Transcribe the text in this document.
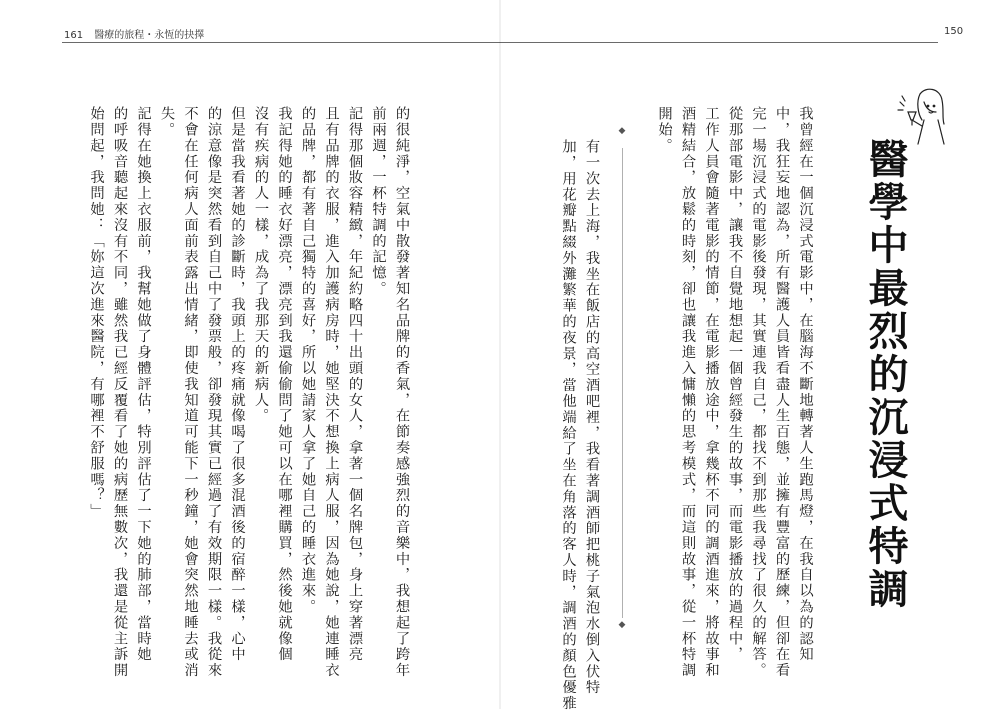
161 醫療的旅程・永恆的抉擇	150
醫學中最烈的沉浸式特調

我曾經在一個沉浸式電影中，在腦海不斷地轉著人生跑馬燈，在我自以為的認知

中，我狂妄地認為，所有醫護人員皆看盡人生百態，並擁有豐富的歷練，但卻在看

完一場沉浸式的電影後發現，其實連我自己，都找不到那些我尋找了很久的解答。

從那部電影中，讓我不自覺地想起一個曾經發生的故事，而電影播放的過程中，

工作人員會隨著電影的情節，在電影播放途中，拿幾杯不同的調酒進來，將故事和

酒精結合，放鬆的時刻，卻也讓我進入慵懶的思考模式，而這則故事，從一杯特調

開始。

◆
◆

有一次去上海，我坐在飯店的高空酒吧裡，我看著調酒師把桃子氣泡水倒入伏特

加，用花瓣點綴外灘繁華的夜景，當他端給了坐在角落的客人時，調酒的顏色優雅

的很純淨，空氣中散發著知名品牌的香氣，在節奏感強烈的音樂中，我想起了跨年

前兩週，一杯特調的記憶。

記得那個妝容精緻，年紀約略四十出頭的女人，拿著一個名牌包，身上穿著漂亮

且有品牌的衣服，進入加護病房時，她堅決不想換上病人服，因為她說，她連睡衣

的品牌，都有著自己獨特的喜好，所以她請家人拿了她自己的睡衣進來。

我記得她的睡衣好漂亮，漂亮到我還偷偷問了她可以在哪裡購買，然後她就像個

沒有疾病的人一樣，成為了我那天的新病人。

但是當我看著她的診斷時，我頭上的疼痛就像喝了很多混酒後的宿醉一樣，心中

的涼意像是突然看到自己中了發票般，卻發現其實已經過了有效期限一樣。我從來

不會在任何病人面前表露出情緒，即使我知道可能下一秒鐘，她會突然地睡去或消

失。

記得在她換上衣服前，我幫她做了身體評估，特別評估了一下她的肺部，當時她

的呼吸音聽起來沒有不同，雖然我已經反覆看了她的病歷無數次，我還是從主訴開

始問起，我問她：「妳這次進來醫院，有哪裡不舒服嗎？」
